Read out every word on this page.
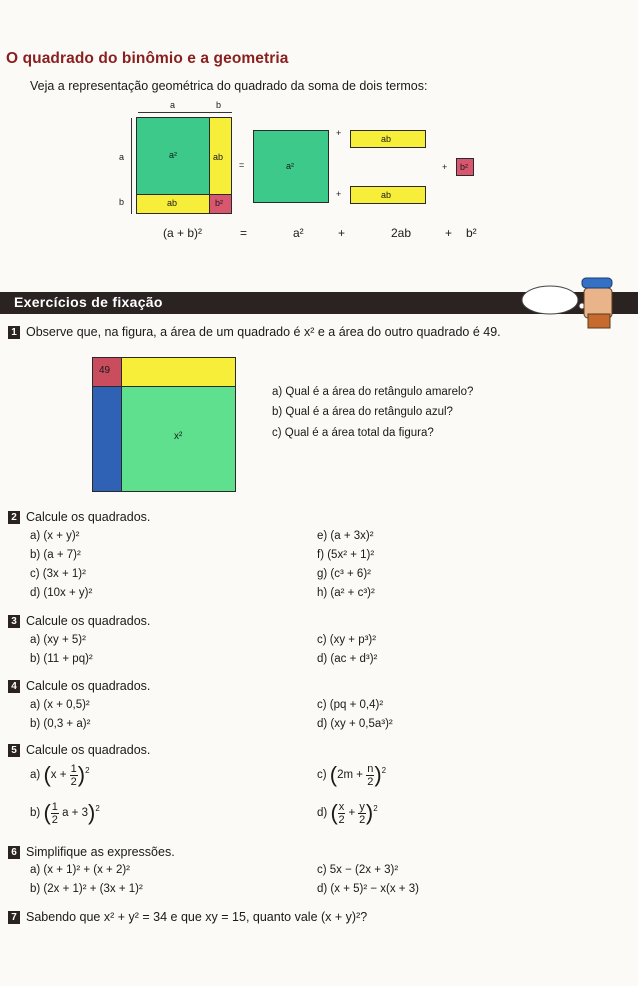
O quadrado do binômio e a geometria
Veja a representação geométrica do quadrado da soma de dois termos:
a	b
a
b
a²	ab
ab	b²
=	a²
+
ab
+	ab
+ b²
(a + b)²	=	a²	+	2ab	+ b²
Exercícios de fixação
1 Observe que, na figura, a área de um quadrado é x² e a área do outro quadrado é 49.
49
x²
a) Qual é a área do retângulo amarelo?
b) Qual é a área do retângulo azul?
c) Qual é a área total da figura?
2 Calcule os quadrados.
a) (x + y)²
b) (a + 7)²
c) (3x + 1)²
d) (10x + y)²
e) (a + 3x)²
f) (5x² + 1)²
g) (c³ + 6)²
h) (a² + c³)²
3 Calcule os quadrados.
a) (xy + 5)²
b) (11 + pq)²
c) (xy + p³)²
d) (ac + d³)²
4 Calcule os quadrados.
a) (x + 0,5)²
b) (0,3 + a)²
c) (pq + 0,4)²
d) (xy + 0,5a³)²
5 Calcule os quadrados.
a) $(x + \frac{1}{2} )^2$
b) ( $\frac{1}{2}$ a + 3)$^2$
c) $(2m + \frac{n}{2} )^2$
d) ( $\frac{x}{2} + \frac{y}{2} )^2$
6 Simplifique as expressões.
a) (x + 1)² + (x + 2)²
b) (2x + 1)² + (3x + 1)²
c) 5x − (2x + 3)²
d) (x + 5)² − x(x + 3)
7 Sabendo que x² + y² = 34 e que xy = 15, quanto vale (x + y)²?
